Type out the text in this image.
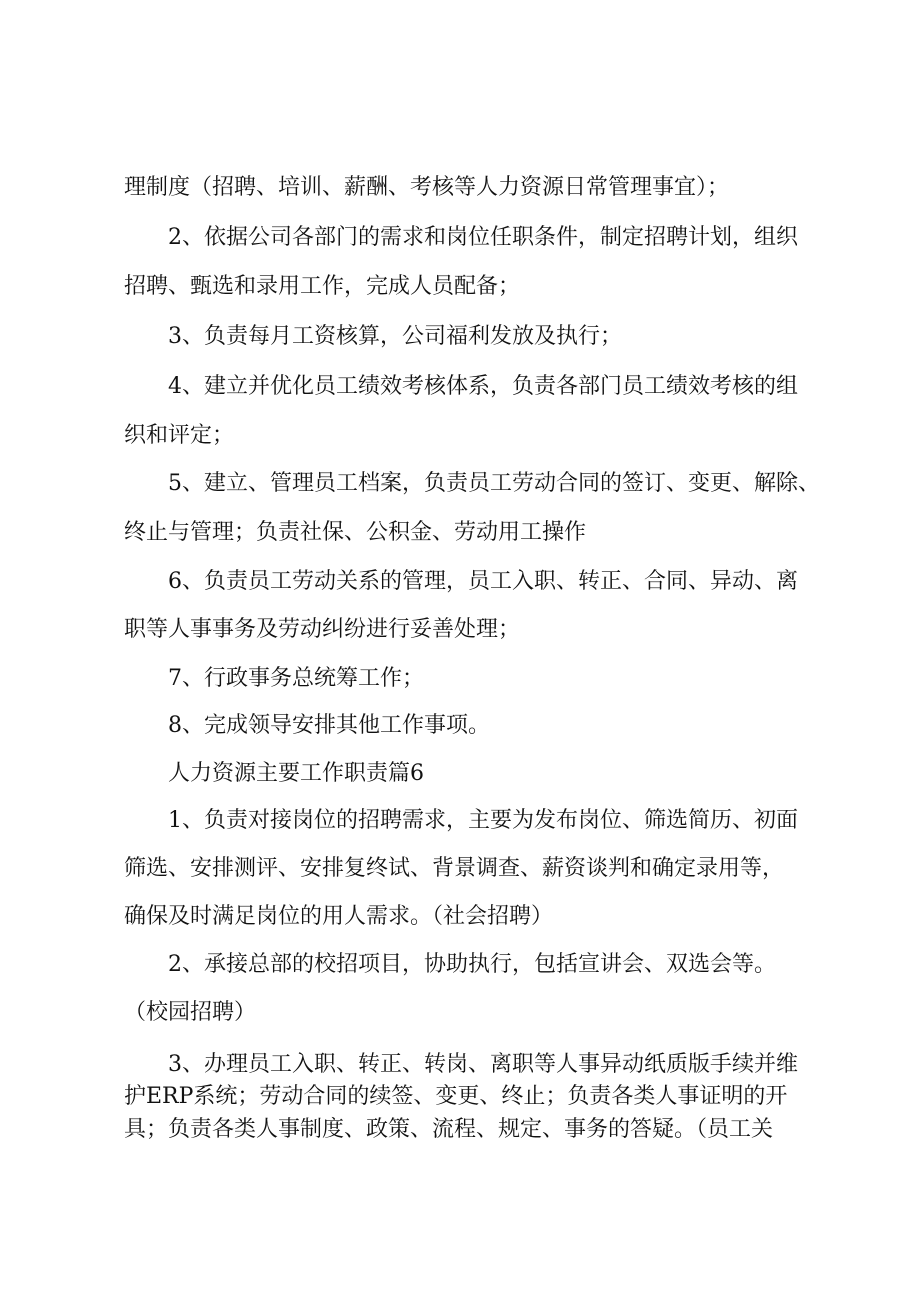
理制度（招聘、培训、薪酬、考核等人力资源日常管理事宜）；
2、依据公司各部门的需求和岗位任职条件，制定招聘计划，组织
招聘、甄选和录用工作，完成人员配备；
3、负责每月工资核算，公司福利发放及执行；
4、建立并优化员工绩效考核体系，负责各部门员工绩效考核的组
织和评定；
5、建立、管理员工档案，负责员工劳动合同的签订、变更、解除、
终止与管理；负责社保、公积金、劳动用工操作
6、负责员工劳动关系的管理，员工入职、转正、合同、异动、离
职等人事事务及劳动纠纷进行妥善处理；
7、行政事务总统筹工作；
8、完成领导安排其他工作事项。
人力资源主要工作职责篇6
1、负责对接岗位的招聘需求，主要为发布岗位、筛选简历、初面
筛选、安排测评、安排复终试、背景调查、薪资谈判和确定录用等，
确保及时满足岗位的用人需求。（社会招聘）
2、承接总部的校招项目，协助执行，包括宣讲会、双选会等。
（校园招聘）
3、办理员工入职、转正、转岗、离职等人事异动纸质版手续并维
护ERP系统；劳动合同的续签、变更、终止；负责各类人事证明的开
具；负责各类人事制度、政策、流程、规定、事务的答疑。（员工关
